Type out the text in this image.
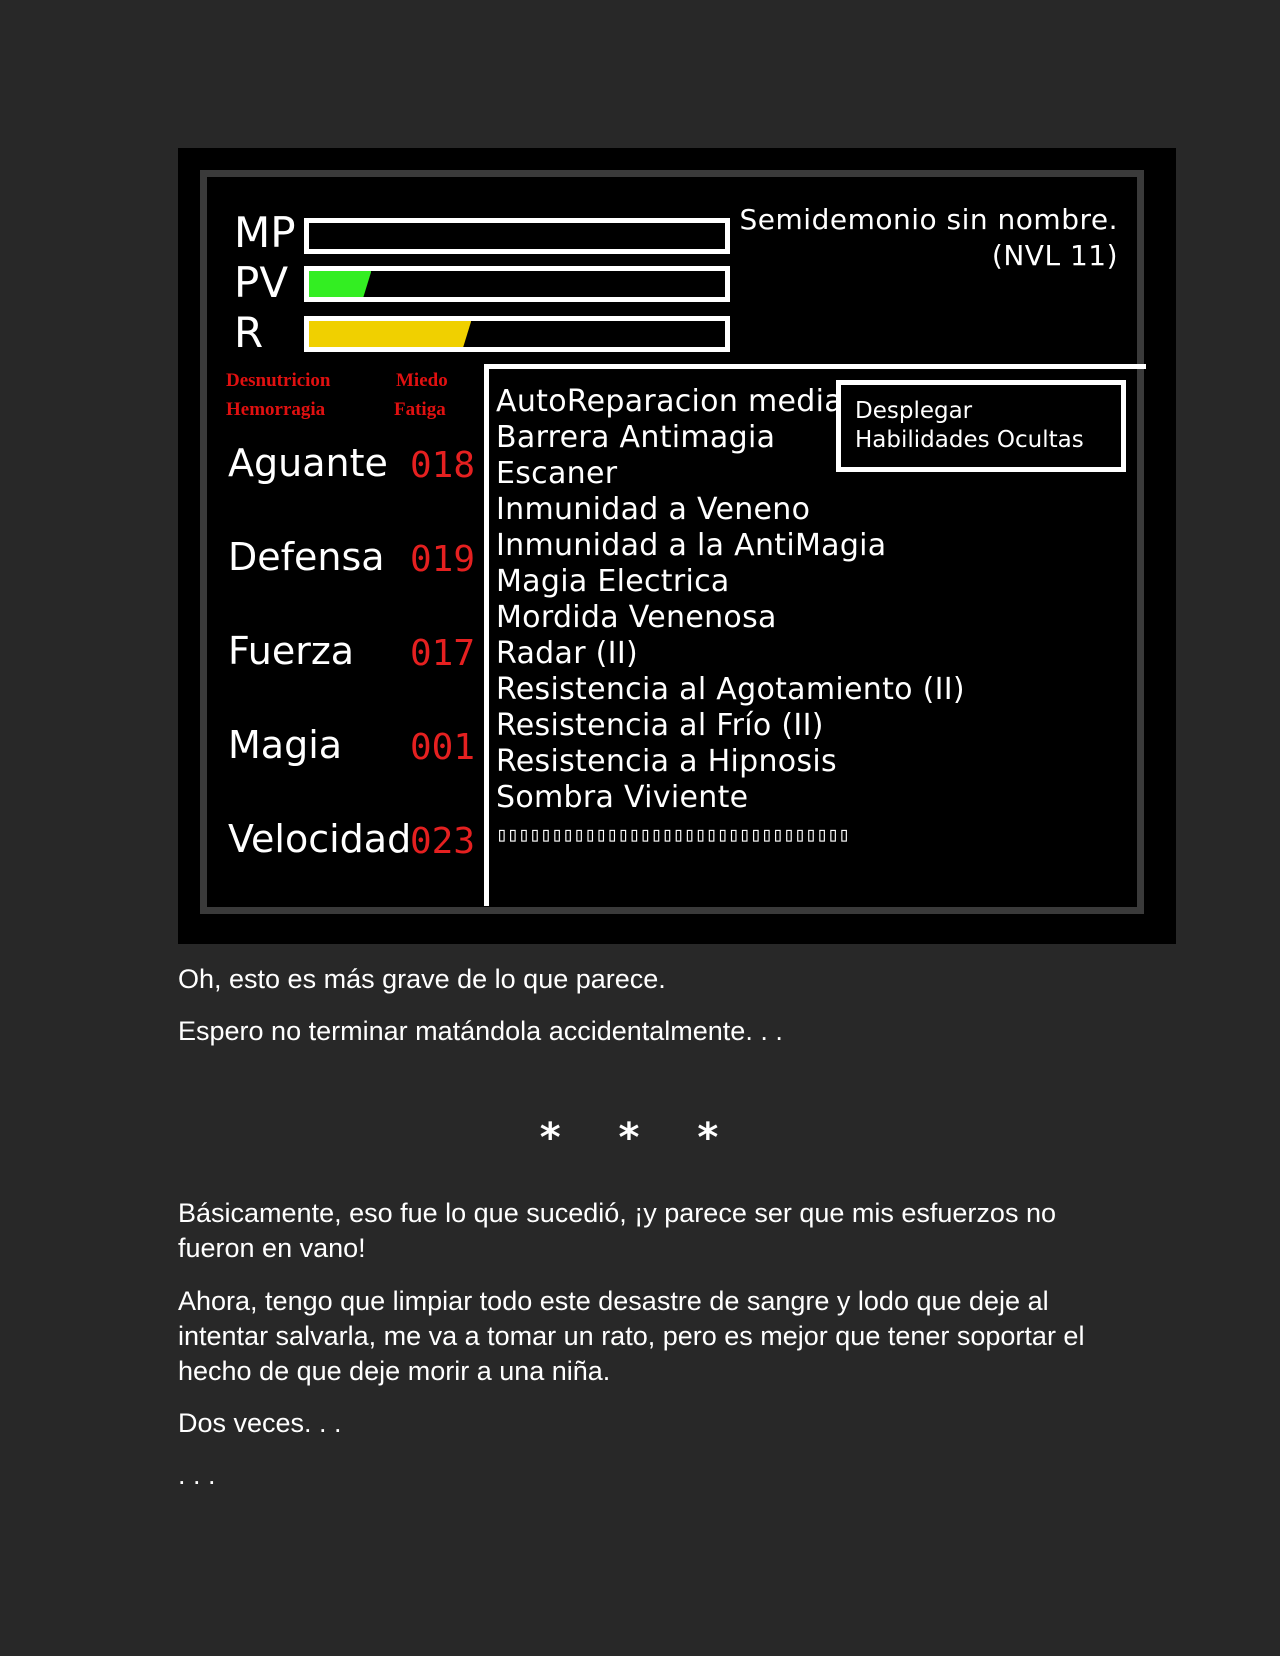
MP
PV
R
Semidemonio sin nombre.
(NVL 11)
Desnutricion	Miedo
Hemorragia	Fatiga
Aguante 018
Defensa 019
Fuerza 017
Magia 001
Velocidad
023
AutoReparacion media
Barrera Antimagia
Escaner
Inmunidad a Veneno
Inmunidad a la AntiMagia
Magia Electrica
Mordida Venenosa
Radar (II)
Resistencia al Agotamiento (II)
Resistencia al Frío (II)
Resistencia a Hipnosis
Sombra Viviente
▯▯▯▯▯▯▯▯▯▯▯▯▯▯▯▯▯▯▯▯▯▯▯▯▯▯▯▯▯▯▯▯
Desplegar Habilidades Ocultas

Oh, esto es más grave de lo que parece.

Espero no terminar matándola accidentalmente. . .

* * *

Básicamente, eso fue lo que sucedió, ¡y parece ser que mis esfuerzos no fueron en vano!

Ahora, tengo que limpiar todo este desastre de sangre y lodo que deje al intentar salvarla, me va a tomar un rato, pero es mejor que tener soportar el hecho de que deje morir a una niña.

Dos veces. . .

. . .
